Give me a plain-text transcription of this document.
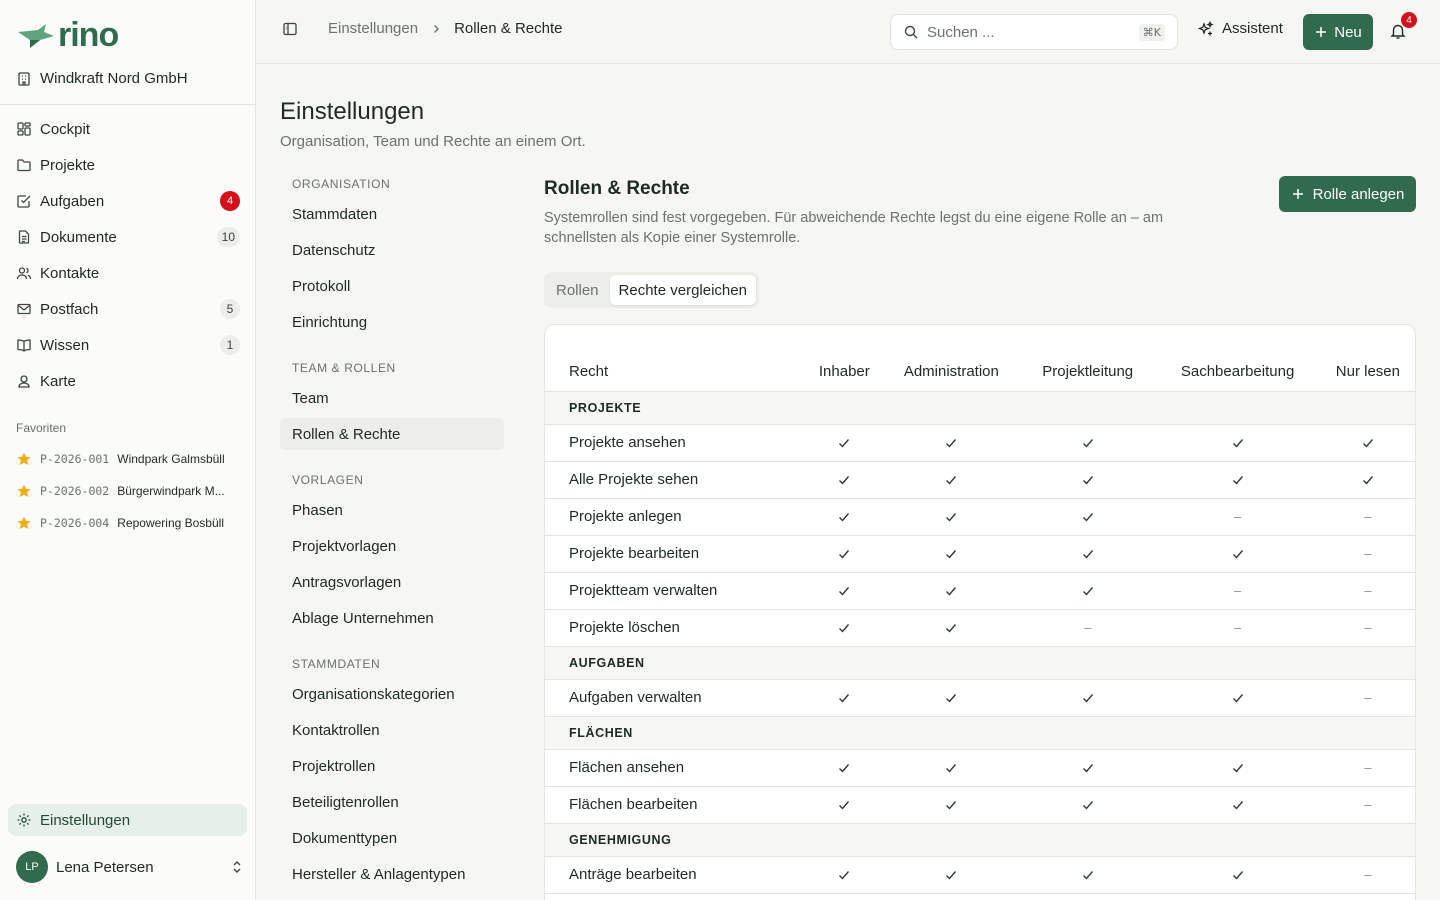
rino
Windkraft Nord GmbH
Cockpit
Projekte
Aufgaben	4
Dokumente	10
Kontakte
Postfach	5
Wissen	1
Karte
Favoriten
P-2026-001 Windpark Galmsbüll
P-2026-002 Bürgerwindpark M...
P-2026-004 Repowering Bosbüll
Einstellungen
LP	Lena Petersen
Einstellungen Rollen & Rechte
Suchen ...	⌘K	Assistent	Neu
4
Einstellungen

Organisation, Team und Rechte an einem Ort.

ORGANISATION
Stammdaten
Datenschutz
Protokoll
Einrichtung
TEAM & ROLLEN
Team
Rollen & Rechte
VORLAGEN
Phasen
Projektvorlagen
Antragsvorlagen
Ablage Unternehmen
STAMMDATEN
Organisationskategorien
Kontaktrollen
Projektrollen
Beteiligtenrollen
Dokumenttypen
Hersteller & Anlagentypen
Rollen & Rechte

Systemrollen sind fest vorgegeben. Für abweichende Rechte legst du eine eigene Rolle an – am schnellsten als Kopie einer Systemrolle.

Rolle anlegen
Rollen	Rechte vergleichen
Recht	Inhaber	Administration	Projektleitung	Sachbearbeitung	Nur lesen
PROJEKTE					
Projekte ansehen					
Alle Projekte sehen					
Projekte anlegen				–	–
Projekte bearbeiten					–
Projektteam verwalten				–	–
Projekte löschen			–	–	–
AUFGABEN					
Aufgaben verwalten					–
FLÄCHEN					
Flächen ansehen					–
Flächen bearbeiten					–
GENEHMIGUNG					
Anträge bearbeiten					–
